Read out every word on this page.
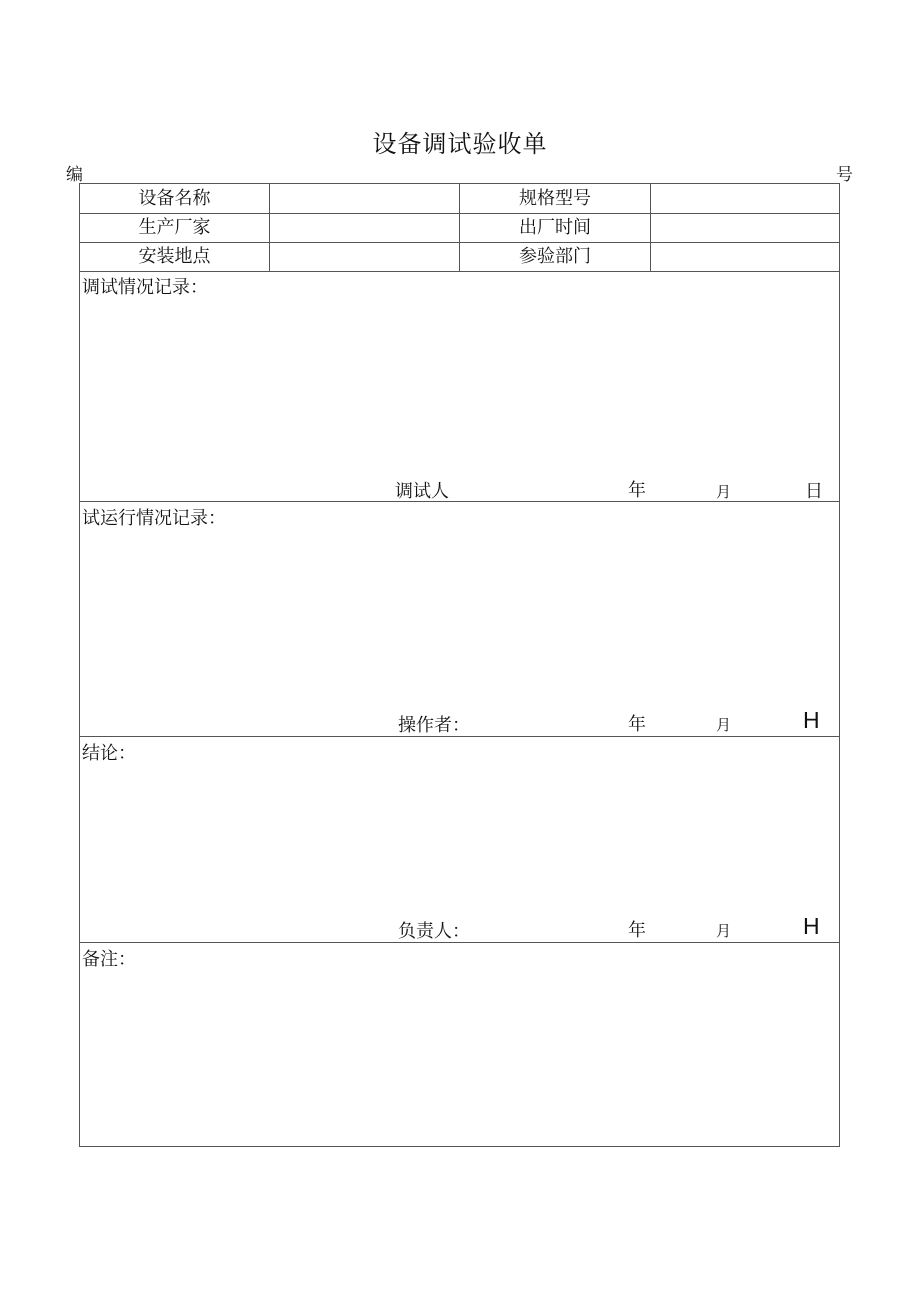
设备调试验收单
编	号
设备名称	规格型号
生产厂家	出厂时间
安装地点	参验部门
调试情况记录：
调试人	年	月	日
试运行情况记录：
操作者：	年	月	H
结论：
负责人：	年	月	H
备注：
